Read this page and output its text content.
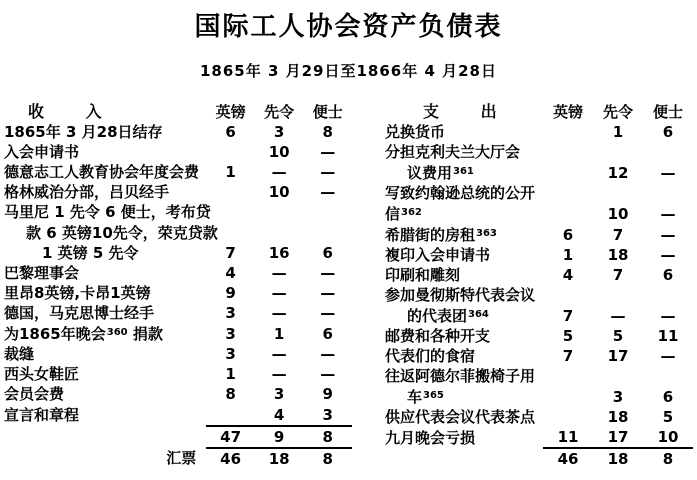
国际工人协会资产负债表
1865年 3 月29日至1866年 4 月28日
收入	英镑	先令	便士
1865年 3 月28日结存	6	3	8
入会申请书		10	—
德意志工人教育协会年度会费	1	—	—
格林威治分部，吕贝经手		10	—
马里尼 1 先令 6 便士，考布贷			
款 6 英镑10先令，荣克贷款			
1 英镑 5 先令	7	16	6
巴黎理事会	4	—	—
里昂8英镑,卡昂1英镑	9	—	—
德国，马克思博士经手	3	—	—
为1865年晚会$^{360}$ 捐款	3	1	6
裁缝	3	—	—
西头女鞋匠	1	—	—
会员会费	8	3	9
宣言和章程		4	3
	47	9	8
汇票	46	18	8
支出	英镑	先令	便士
兑换货币		1	6
分担克利夫兰大厅会			
议费用$^{361}$		12	—
写致约翰逊总统的公开			
信$^{362}$		10	—
希腊街的房租$^{363}$	6	7	—
複印入会申请书	1	18	—
印刷和雕刻	4	7	6
参加曼彻斯特代表会议			
的代表团$^{364}$	7	—	—
邮费和各种开支	5	5	11
代表们的食宿	7	17	—
往返阿德尔菲搬椅子用			
车$^{365}$		3	6
供应代表会议代表茶点		18	5
九月晚会亏损	11	17	10
	46	18	8
